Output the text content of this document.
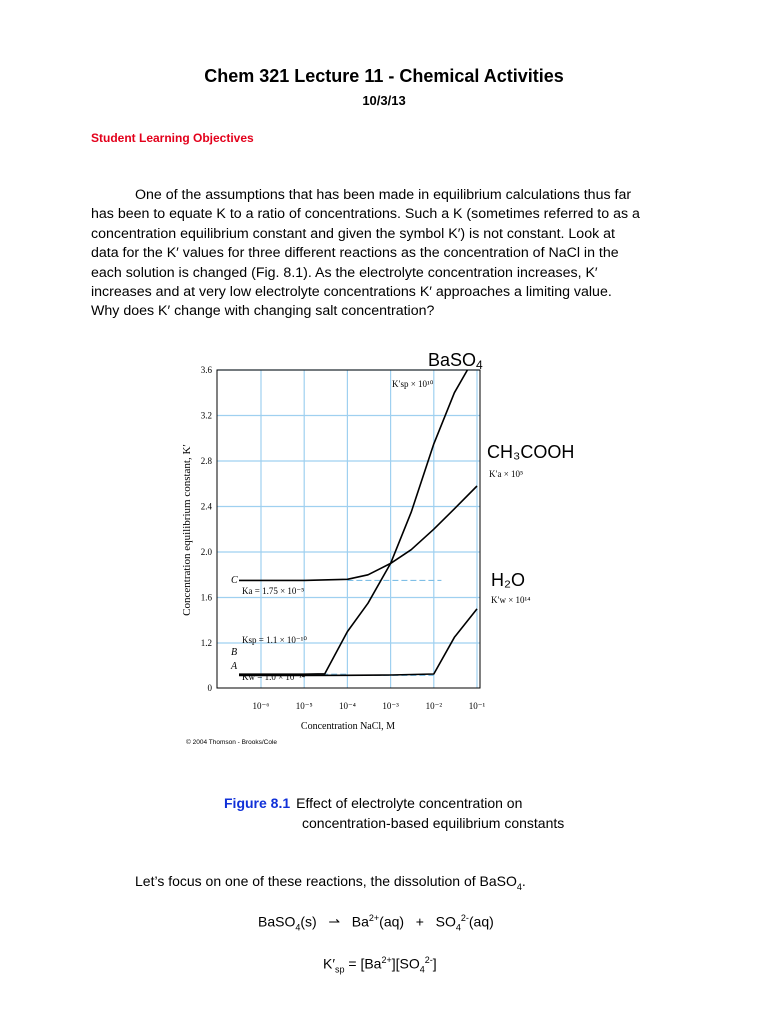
Chem 321 Lecture 11 - Chemical Activities
10/3/13
Student Learning Objectives

One of the assumptions that has been made in equilibrium calculations thus far

has been to equate K to a ratio of concentrations. Such a K (sometimes referred to as a

concentration equilibrium constant and given the symbol K′) is not constant. Look at

data for the K′ values for three different reactions as the concentration of NaCl in the

each solution is changed (Fig. 8.1). As the electrolyte concentration increases, K′

increases and at very low electrolyte concentrations K′ approaches a limiting value.

Why does K′ change with changing salt concentration?

0
1.2
1.6
2.0
2.4
2.8
3.2
3.6
10⁻⁶	10⁻⁵	10⁻⁴	10⁻³	10⁻²	10⁻¹
Concentration equilibrium constant, K′
Concentration NaCl, M
© 2004 Thomson - Brooks/Cole
BaSO4
K′sp × 10¹⁰
CH₃COOH
K′a × 10⁵
H₂O
K′w × 10¹⁴
C
B
A
Ka = 1.75 × 10⁻⁵
Ksp = 1.1 × 10⁻¹⁰
Kw = 1.0 × 10⁻¹⁴
Figure 8.1 Effect of electrolyte concentration on
concentration-based equilibrium constants
Let’s focus on one of these reactions, the dissolution of BaSO$_4$.
BaSO$_4$(s)   ⇀ $Ba^{2+}(aq) + SO_4^{2-}(aq)$
$K'_{sp} = [Ba^{2+}][SO_4^{2-}]$
